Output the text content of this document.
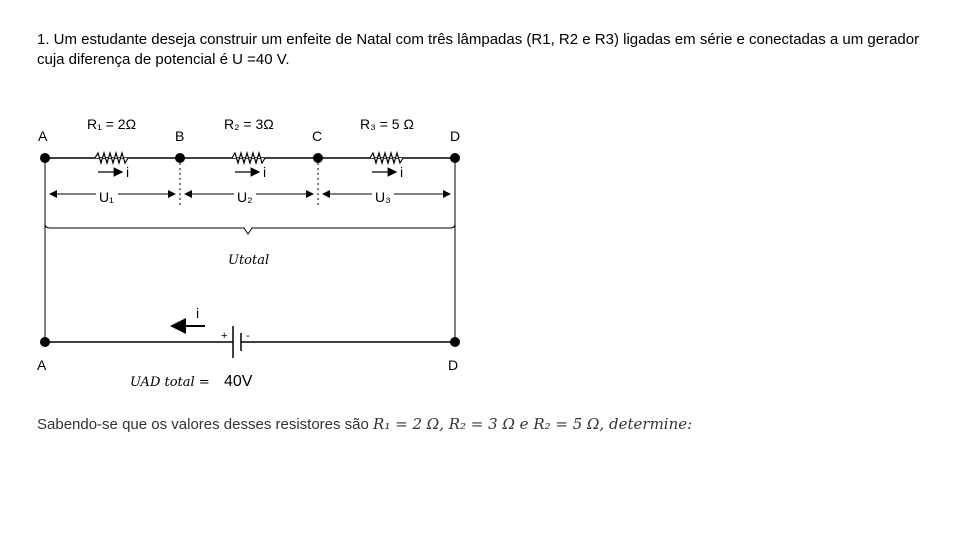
1. Um estudante deseja construir um enfeite de Natal com três lâmpadas (R1, R2 e R3) ligadas em série e conectadas a um gerador cuja diferença de potencial é U =40 V.
A	B	C	D
R₁ = 2Ω	R₂ = 3Ω	R₃ = 5 Ω
i	i	i
U₁	U₂	U₃
Utotal
+ -
i
A	D
UAD total = 40V
Sabendo-se que os valores desses resistores são R₁ = 2 Ω, R₂ = 3 Ω e R₂ = 5 Ω, determine:
